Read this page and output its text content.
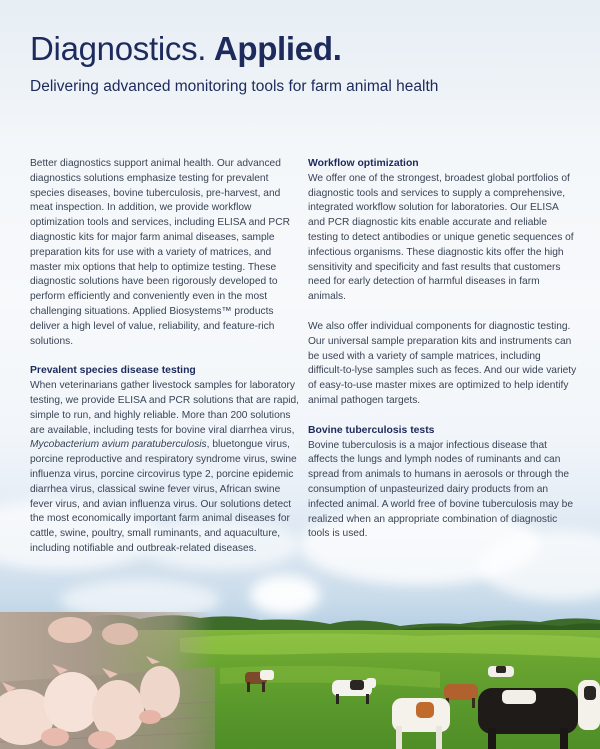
Diagnostics. Applied.
Delivering advanced monitoring tools for farm animal health

Better diagnostics support animal health. Our advanced diagnostics solutions emphasize testing for prevalent species diseases, bovine tuberculosis, pre-harvest, and meat inspection. In addition, we provide workflow optimization tools and services, including ELISA and PCR diagnostic kits for major farm animal diseases, sample preparation kits for use with a variety of matrices, and master mix options that help to optimize testing. These diagnostic solutions have been rigorously developed to perform efficiently and conveniently even in the most challenging situations. Applied Biosystems™ products deliver a high level of value, reliability, and feature-rich solutions.

Prevalent species disease testing

When veterinarians gather livestock samples for laboratory testing, we provide ELISA and PCR solutions that are rapid, simple to run, and highly reliable. More than 200 solutions are available, including tests for bovine viral diarrhea virus, Mycobacterium avium paratuberculosis, bluetongue virus, porcine reproductive and respiratory syndrome virus, swine influenza virus, porcine circovirus type 2, porcine epidemic diarrhea virus, classical swine fever virus, African swine fever virus, and avian influenza virus. Our solutions detect the most economically important farm animal diseases for cattle, swine, poultry, small ruminants, and aquaculture, including notifiable and outbreak-related diseases.

Workflow optimization

We offer one of the strongest, broadest global portfolios of diagnostic tools and services to supply a comprehensive, integrated workflow solution for laboratories. Our ELISA and PCR diagnostic kits enable accurate and reliable testing to detect antibodies or unique genetic sequences of infectious organisms. These diagnostic kits offer the high sensitivity and specificity and fast results that customers need for early detection of harmful diseases in farm animals.

We also offer individual components for diagnostic testing. Our universal sample preparation kits and instruments can be used with a variety of sample matrices, including difficult-to-lyse samples such as feces. And our wide variety of easy-to-use master mixes are optimized to help identify animal pathogen targets.

Bovine tuberculosis tests

Bovine tuberculosis is a major infectious disease that affects the lungs and lymph nodes of ruminants and can spread from animals to humans in aerosols or through the consumption of unpasteurized dairy products from an infected animal. A world free of bovine tuberculosis may be realized when an appropriate combination of diagnostic tools is used.
